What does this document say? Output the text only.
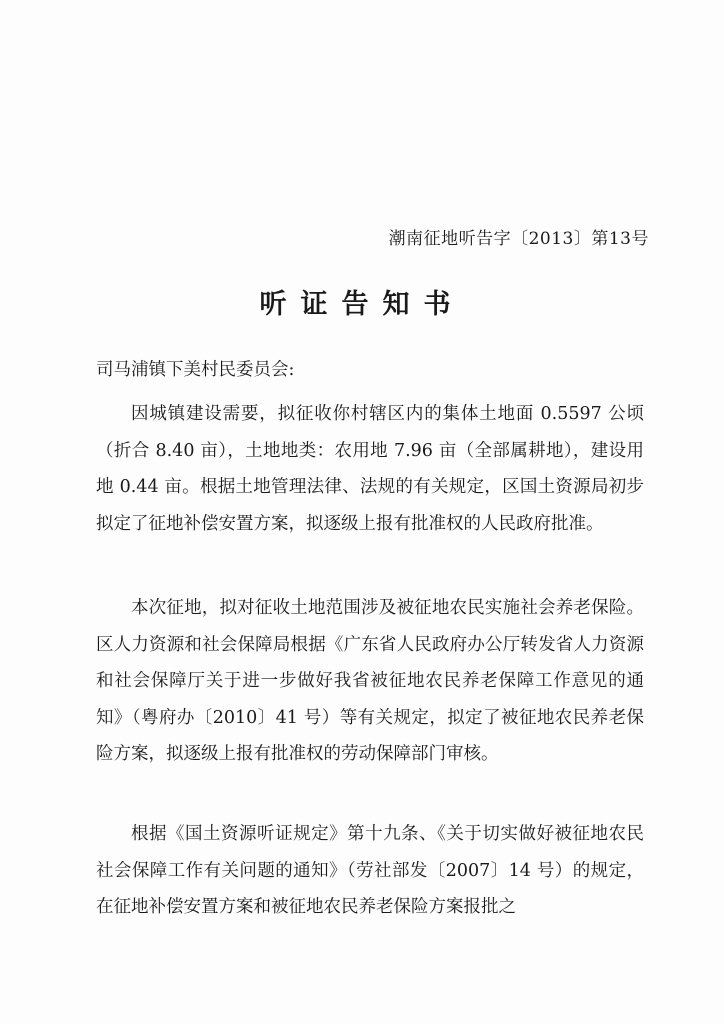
潮南征地听告字〔2013〕第13号
听证告知书
司马浦镇下美村民委员会:

因城镇建设需要，拟征收你村辖区内的集体土地面 0.5597 公顷（折合 8.40 亩），土地地类：农用地 7.96 亩（全部属耕地），建设用地 0.44 亩。根据土地管理法律、法规的有关规定，区国土资源局初步拟定了征地补偿安置方案，拟逐级上报有批准权的人民政府批准。

本次征地，拟对征收土地范围涉及被征地农民实施社会养老保险。区人力资源和社会保障局根据《广东省人民政府办公厅转发省人力资源和社会保障厅关于进一步做好我省被征地农民养老保障工作意见的通知》（粤府办〔2010〕41 号）等有关规定，拟定了被征地农民养老保险方案，拟逐级上报有批准权的劳动保障部门审核。

根据《国土资源听证规定》第十九条、《关于切实做好被征地农民社会保障工作有关问题的通知》（劳社部发〔2007〕14 号）的规定，在征地补偿安置方案和被征地农民养老保险方案报批之
